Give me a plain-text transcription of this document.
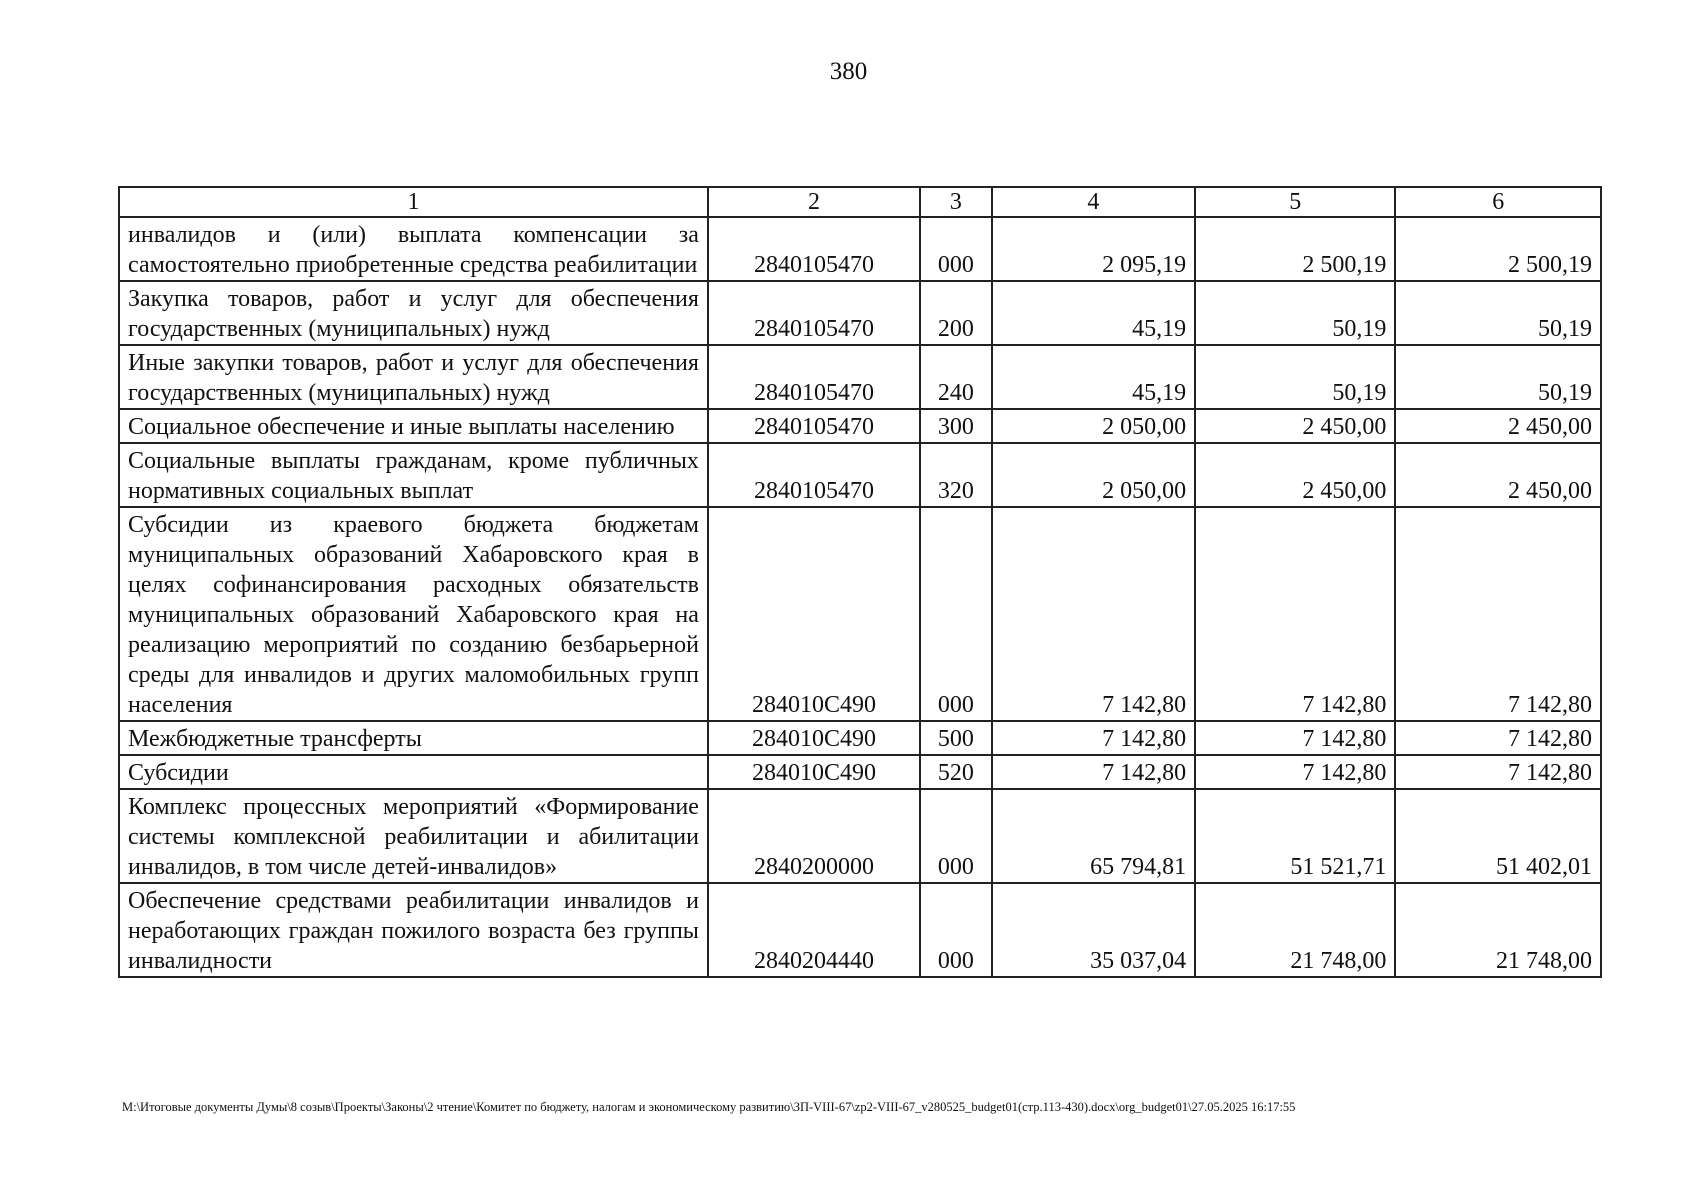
380
1	2	3	4	5	6
инвалидов и (или) выплата компенсации за самостоятельно приобретенные средства реабилитации	2840105470	000	2 095,19	2 500,19	2 500,19
Закупка товаров, работ и услуг для обеспечения государственных (муниципальных) нужд	2840105470	200	45,19	50,19	50,19
Иные закупки товаров, работ и услуг для обеспечения государственных (муниципальных) нужд	2840105470	240	45,19	50,19	50,19
Социальное обеспечение и иные выплаты населению	2840105470	300	2 050,00	2 450,00	2 450,00
Социальные выплаты гражданам, кроме публичных нормативных социальных выплат	2840105470	320	2 050,00	2 450,00	2 450,00
Субсидии из краевого бюджета бюджетам муниципальных образований Хабаровского края в целях софинансирования расходных обязательств муниципальных образований Хабаровского края на реализацию мероприятий по созданию безбарьерной среды для инвалидов и других маломобильных групп населения	284010С490	000	7 142,80	7 142,80	7 142,80
Межбюджетные трансферты	284010С490	500	7 142,80	7 142,80	7 142,80
Субсидии	284010С490	520	7 142,80	7 142,80	7 142,80
Комплекс процессных мероприятий «Формирование системы комплексной реабилитации и абилитации инвалидов, в том числе детей-инвалидов»	2840200000	000	65 794,81	51 521,71	51 402,01
Обеспечение средствами реабилитации инвалидов и неработающих граждан пожилого возраста без группы инвалидности	2840204440	000	35 037,04	21 748,00	21 748,00
M:\Итоговые документы Думы\8 созыв\Проекты\Законы\2 чтение\Комитет по бюджету, налогам и экономическому развитию\ЗП-VIII-67\zp2-VIII-67_v280525_budget01(стр.113-430).docx\org_budget01\27.05.2025 16:17:55
